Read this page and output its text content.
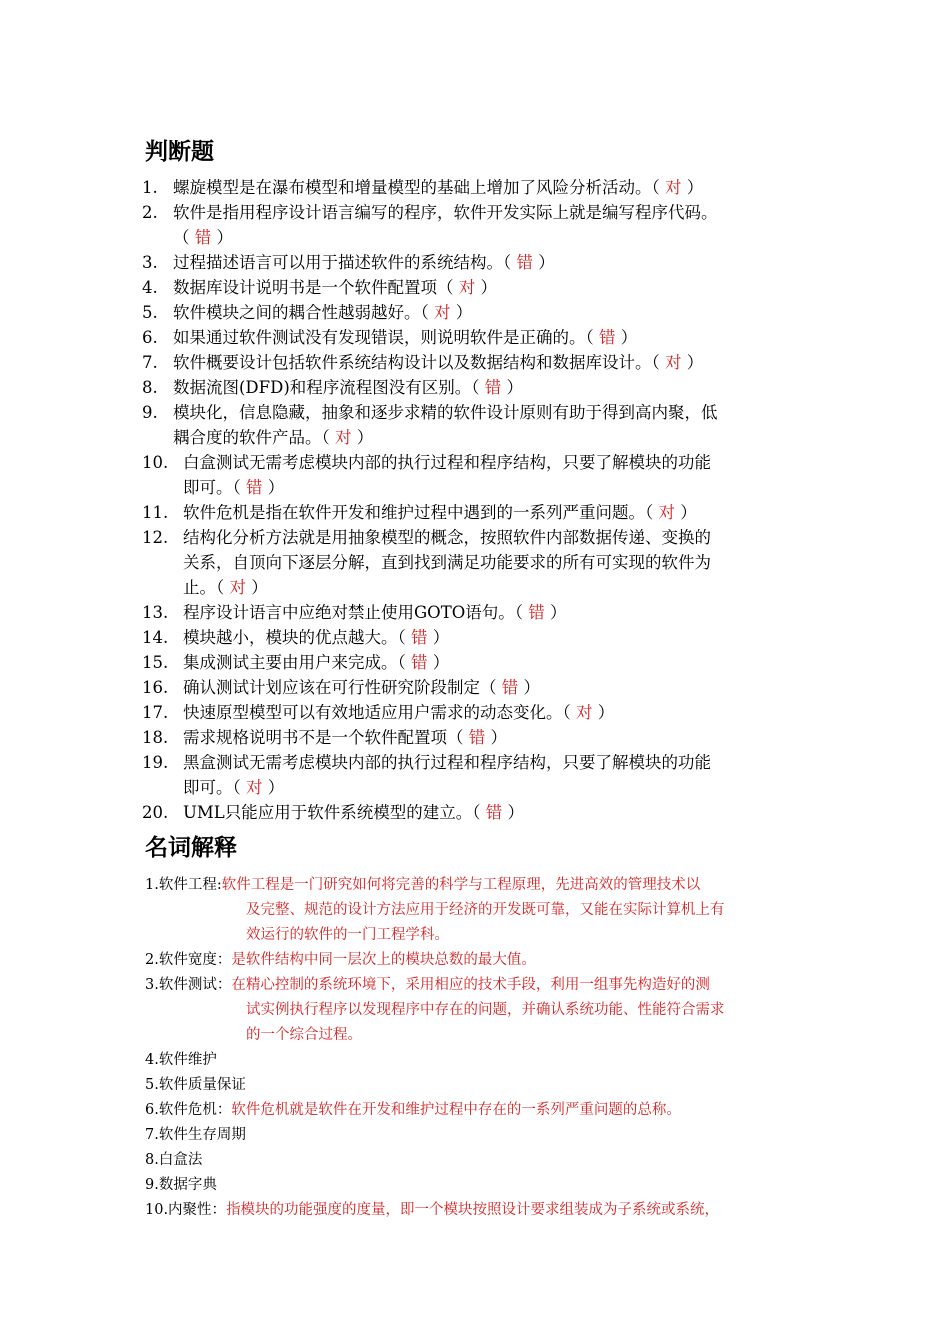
判断题
1. 螺旋模型是在瀑布模型和增量模型的基础上增加了风险分析活动。（ 对 ）
2. 软件是指用程序设计语言编写的程序，软件开发实际上就是编写程序代码。
（ 错 ）
3. 过程描述语言可以用于描述软件的系统结构。（ 错 ）
4. 数据库设计说明书是一个软件配置项（ 对 ）
5. 软件模块之间的耦合性越弱越好。（ 对 ）
6. 如果通过软件测试没有发现错误，则说明软件是正确的。（ 错 ）
7. 软件概要设计包括软件系统结构设计以及数据结构和数据库设计。（ 对 ）
8. 数据流图(DFD)和程序流程图没有区别。（ 错 ）
9. 模块化，信息隐藏，抽象和逐步求精的软件设计原则有助于得到高内聚，低
耦合度的软件产品。（ 对 ）
10. 白盒测试无需考虑模块内部的执行过程和程序结构，只要了解模块的功能
即可。（ 错 ）
11. 软件危机是指在软件开发和维护过程中遇到的一系列严重问题。（ 对 ）
12. 结构化分析方法就是用抽象模型的概念，按照软件内部数据传递、变换的
关系，自顶向下逐层分解，直到找到满足功能要求的所有可实现的软件为
止。（ 对 ）
13. 程序设计语言中应绝对禁止使用GOTO语句。（ 错 ）
14. 模块越小，模块的优点越大。（ 错 ）
15. 集成测试主要由用户来完成。（ 错 ）
16. 确认测试计划应该在可行性研究阶段制定（ 错 ）
17. 快速原型模型可以有效地适应用户需求的动态变化。（ 对 ）
18. 需求规格说明书不是一个软件配置项（ 错 ）
19. 黑盒测试无需考虑模块内部的执行过程和程序结构，只要了解模块的功能
即可。（ 对 ）
20. UML只能应用于软件系统模型的建立。（ 错 ）
名词解释
1.软件工程:软件工程是一门研究如何将完善的科学与工程原理，先进高效的管理技术以
及完整、规范的设计方法应用于经济的开发既可靠，又能在实际计算机上有
效运行的软件的一门工程学科。
2.软件宽度：是软件结构中同一层次上的模块总数的最大值。
3.软件测试：在精心控制的系统环境下，采用相应的技术手段，利用一组事先构造好的测
试实例执行程序以发现程序中存在的问题，并确认系统功能、性能符合需求
的一个综合过程。
4.软件维护
5.软件质量保证
6.软件危机：软件危机就是软件在开发和维护过程中存在的一系列严重问题的总称。
7.软件生存周期
8.白盒法
9.数据字典
10.内聚性：指模块的功能强度的度量，即一个模块按照设计要求组装成为子系统或系统，
